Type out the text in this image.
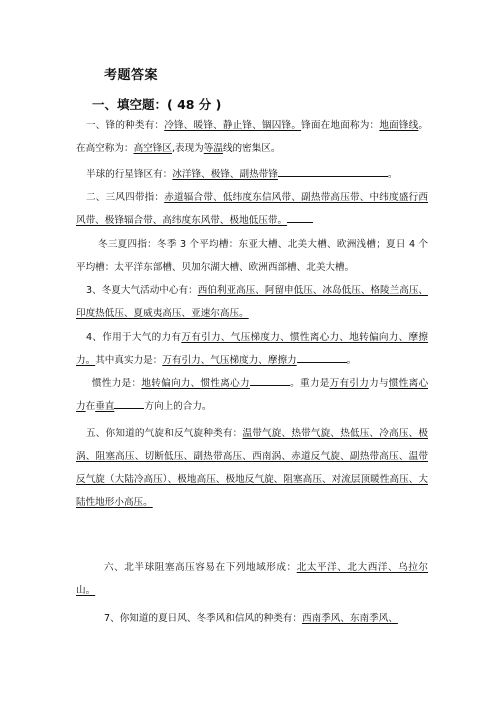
考题答案
一、填空题：( 48 分 )
一、锋的种类有：冷锋、暖锋、静止锋、锢囚锋。锋面在地面称为：地面锋线。在高空称为：高空锋区,表现为等温线的密集区。
半球的行星锋区有：冰洋锋、极锋、副热带锋	。
二、三风四带指：赤道辐合带、低纬度东信风带、副热带高压带、中纬度盛行西风带、极锋辐合带、高纬度东风带、极地低压带。
冬三夏四指：冬季 3 个平均槽：东亚大槽、北美大槽、欧洲浅槽；夏日 4 个平均槽：太平洋东部槽、贝加尔湖大槽、欧洲西部槽、北美大槽。
3、冬夏大气活动中心有：西伯利亚高压、阿留申低压、冰岛低压、格陵兰高压、印度热低压、夏威夷高压、亚速尔高压。
4、作用于大气的力有万有引力、气压梯度力、惯性离心力、地转偏向力、摩擦力。其中真实力是：万有引力、气压梯度力、摩擦力	。
惯性力是：地转偏向力、惯性离心力	。重力是万有引力力与惯性离心力在垂直	方向上的合力。
五、你知道的气旋和反气旋种类有：温带气旋、热带气旋、热低压、冷高压、极涡、阻塞高压、切断低压、副热带高压、西南涡、赤道反气旋、副热带高压、温带反气旋（大陆冷高压）、极地高压、极地反气旋、阻塞高压、对流层顶暖性高压、大陆性地形小高压。
六、北半球阻塞高压容易在下列地域形成：北太平洋、北大西洋、乌拉尔山。
7、你知道的夏日风、冬季风和信风的种类有：西南季风、东南季风、
